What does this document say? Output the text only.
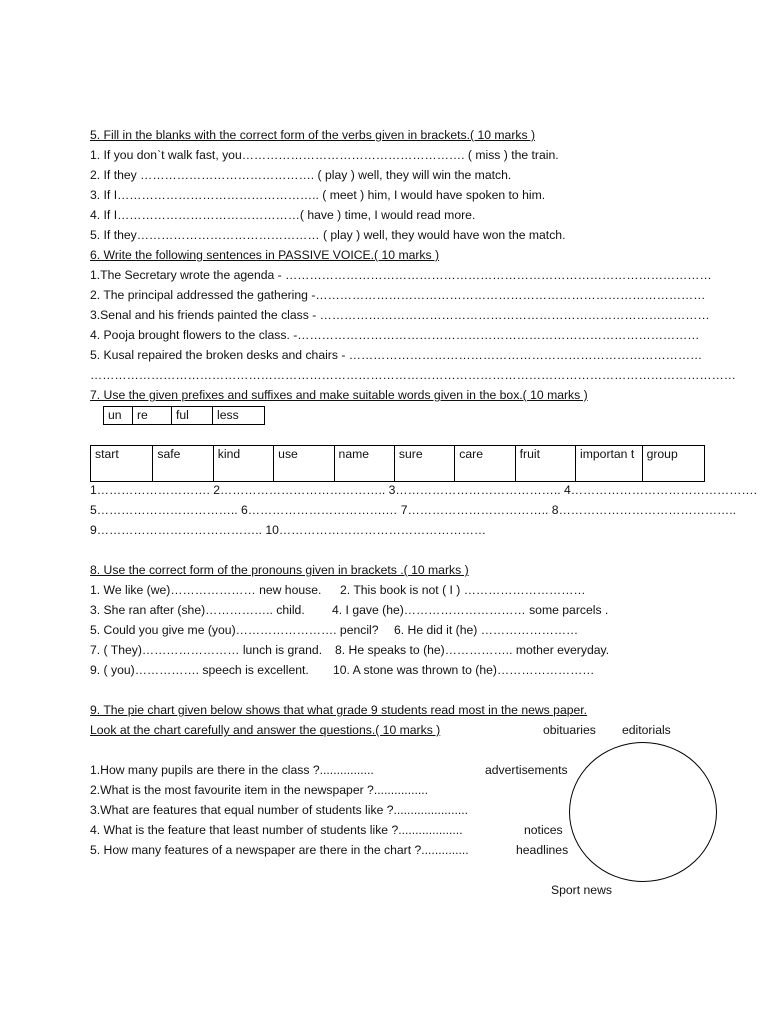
5. Fill in the blanks with the correct form of the verbs given in brackets.( 10 marks )
1. If you don`t walk fast, you………………………………………………. ( miss ) the train.
2. If they ……………………………………. ( play ) well, they will win the match.
3. If I………………………………………….. ( meet ) him, I would have spoken to him.
4. If I………………………………………( have ) time, I would read more.
5. If they……………………………………… ( play ) well, they would have won the match.
6. Write the following sentences in PASSIVE VOICE.( 10 marks )
1.The Secretary wrote the agenda - ……………………………………………………………………………………………
2. The principal addressed the gathering -……………………………………………………………………………………
3.Senal and his friends painted the class - ……………………………………………………………………………………
4. Pooja brought flowers to the class. -………………………………………………………………………………………
5. Kusal repaired the broken desks and chairs - ……………………………………………………………………………
……………………………………………………………………………………………………………………………………………
7. Use the given prefixes and suffixes and make suitable words given in the box.( 10 marks )
un	re	ful	less
start	safe	kind	use	name	sure	care	fruit	importan t	group
1………………………. 2………………………………….. 3………………………………….. 4……………………………………….
5…………………………….. 6…………………………….… 7…………………………….. 8……………………………………..
9………………………………….. 10……………………………………………
8. Use the correct form of the pronouns given in brackets .( 10 marks )
1. We like (we)………………… new house. 2. This book is not ( I ) …………………………
3. She ran after (she)…………….. child. 4. I gave (he)………………………… some parcels .
5. Could you give me (you)……………………. pencil? 6. He did it (he) ……………………
7. ( They)…………………… lunch is grand. 8. He speaks to (he)…………….. mother everyday.
9. ( you)……………. speech is excellent. 10. A stone was thrown to (he)……………………
9. The pie chart given below shows that what grade 9 students read most in the news paper.
Look at the chart carefully and answer the questions.( 10 marks )
1.How many pupils are there in the class ?................
2.What is the most favourite item in the newspaper ?................
3.What are features that equal number of students like ?......................
4. What is the feature that least number of students like ?...................
5. How many features of a newspaper are there in the chart ?..............
obituaries editorials
advertisements
notices
headlines
Sport news
